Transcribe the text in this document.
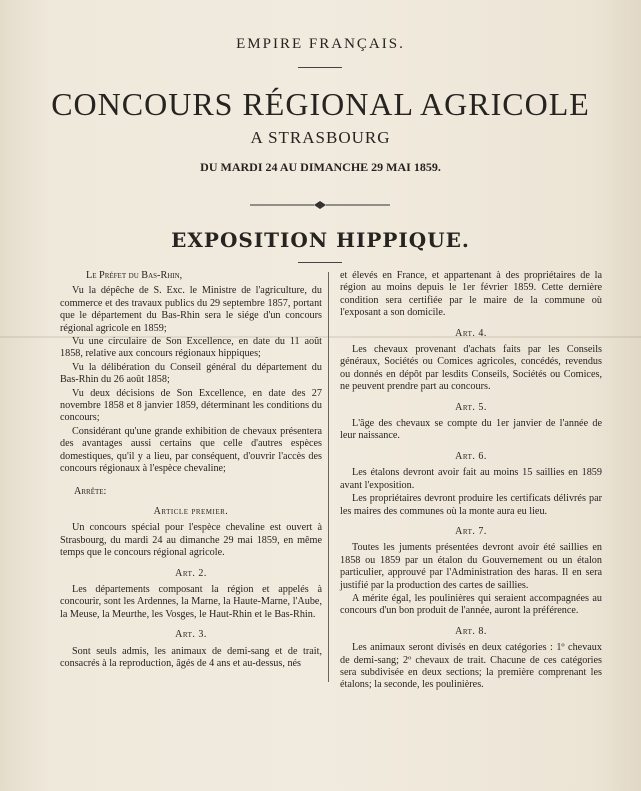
EMPIRE FRANÇAIS.

CONCOURS RÉGIONAL AGRICOLE

A STRASBOURG

DU MARDI 24 AU DIMANCHE 29 MAI 1859.

EXPOSITION HIPPIQUE.

Le Préfet du Bas-Rhin,

Vu la dépêche de S. Exc. le Ministre de l'agriculture, du commerce et des travaux publics du 29 septembre 1857, portant que le département du Bas-Rhin sera le siége d'un concours régional agricole en 1859;

Vu une circulaire de Son Excellence, en date du 11 août 1858, relative aux concours régionaux hippiques;

Vu la délibération du Conseil général du département du Bas-Rhin du 26 août 1858;

Vu deux décisions de Son Excellence, en date des 27 novembre 1858 et 8 janvier 1859, déterminant les conditions du concours;

Considérant qu'une grande exhibition de chevaux présentera des avantages aussi certains que celle d'autres espèces domestiques, qu'il y a lieu, par conséquent, d'ouvrir l'accès des concours régionaux à l'espèce chevaline;

Arrête:

Article premier.

Un concours spécial pour l'espèce chevaline est ouvert à Strasbourg, du mardi 24 au dimanche 29 mai 1859, en même temps que le concours régional agricole.

Art. 2.

Les départements composant la région et appelés à concourir, sont les Ardennes, la Marne, la Haute-Marne, l'Aube, la Meuse, la Meurthe, les Vosges, le Haut-Rhin et le Bas-Rhin.

Art. 3.

Sont seuls admis, les animaux de demi-sang et de trait, consacrés à la reproduction, âgés de 4 ans et au-dessus, nés

et élevés en France, et appartenant à des propriétaires de la région au moins depuis le 1er février 1859. Cette dernière condition sera certifiée par le maire de la commune où l'exposant a son domicile.

Art. 4.

Les chevaux provenant d'achats faits par les Conseils généraux, Sociétés ou Comices agricoles, concédés, revendus ou donnés en dépôt par lesdits Conseils, Sociétés ou Comices, ne peuvent prendre part au concours.

Art. 5.

L'âge des chevaux se compte du 1er janvier de l'année de leur naissance.

Art. 6.

Les étalons devront avoir fait au moins 15 saillies en 1859 avant l'exposition.

Les propriétaires devront produire les certificats délivrés par les maires des communes où la monte aura eu lieu.

Art. 7.

Toutes les juments présentées devront avoir été saillies en 1858 ou 1859 par un étalon du Gouvernement ou un étalon particulier, approuvé par l'Administration des haras. Il en sera justifié par la production des cartes de saillies.

A mérite égal, les poulinières qui seraient accompagnées au concours d'un bon produit de l'année, auront la préférence.

Art. 8.

Les animaux seront divisés en deux catégories : 1º chevaux de demi-sang; 2º chevaux de trait. Chacune de ces catégories sera subdivisée en deux sections; la première comprenant les étalons; la seconde, les poulinières.
